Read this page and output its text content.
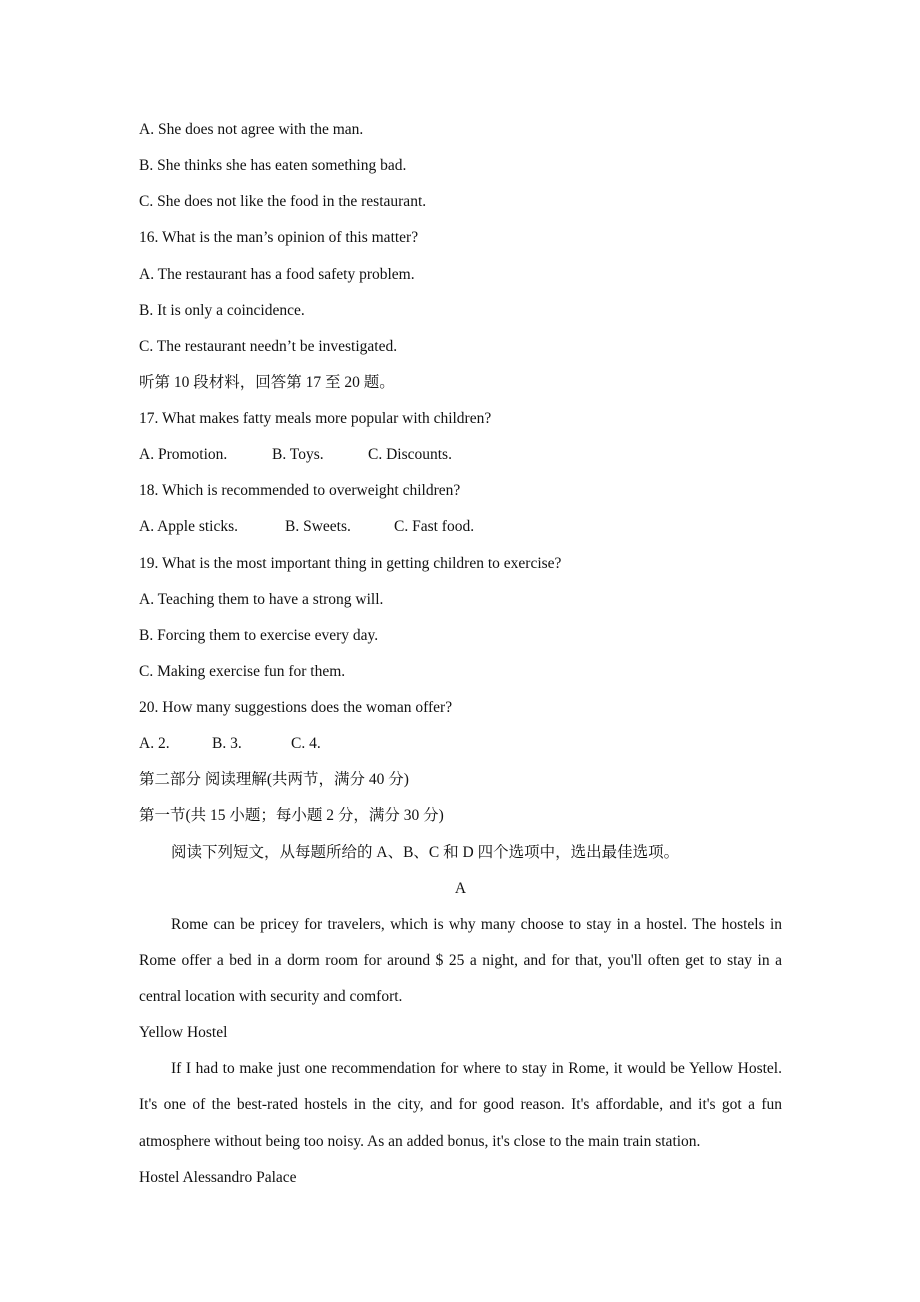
A. She does not agree with the man.
B. She thinks she has eaten something bad.
C. She does not like the food in the restaurant.
16. What is the man’s opinion of this matter?
A. The restaurant has a food safety problem.
B. It is only a coincidence.
C. The restaurant needn’t be investigated.
听第 10 段材料，回答第 17 至 20 题。
17. What makes fatty meals more popular with children?
A. Promotion.	B. Toys.	C. Discounts.
18. Which is recommended to overweight children?
A. Apple sticks.	B. Sweets.	C. Fast food.
19. What is the most important thing in getting children to exercise?
A. Teaching them to have a strong will.
B. Forcing them to exercise every day.
C. Making exercise fun for them.
20. How many suggestions does the woman offer?
A. 2.	B. 3.	C. 4.
第二部分 阅读理解(共两节，满分 40 分)
第一节(共 15 小题；每小题 2 分，满分 30 分)
阅读下列短文，从每题所给的 A、B、C 和 D 四个选项中，选出最佳选项。
A
Rome can be pricey for travelers, which is why many choose to stay in a hostel. The hostels in Rome offer a bed in a dorm room for around $ 25 a night, and for that, you'll often get to stay in a central location with security and comfort.
Yellow Hostel
If I had to make just one recommendation for where to stay in Rome, it would be Yellow Hostel. It's one of the best-rated hostels in the city, and for good reason. It's affordable, and it's got a fun atmosphere without being too noisy. As an added bonus, it's close to the main train station.
Hostel Alessandro Palace
